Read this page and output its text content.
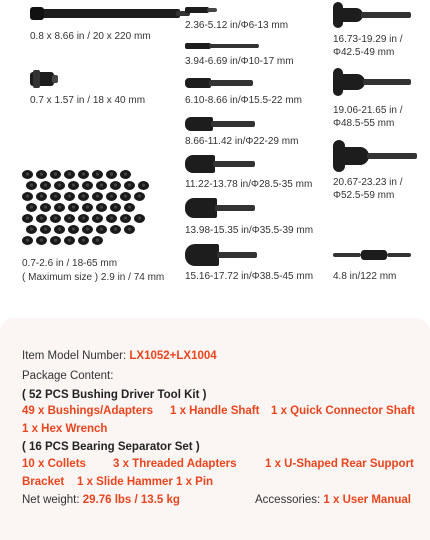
0.8 x 8.66 in / 20 x 220 mm
0.7 x 1.57 in / 18 x 40 mm
0.7-2.6 in / 18-65 mm
( Maximum size ) 2.9 in / 74 mm
2.36-5.12 in/Φ6-13 mm
3.94-6.69 in/Φ10-17 mm
6.10-8.66 in/Φ15.5-22 mm
8.66-11.42 in/Φ22-29 mm
11.22-13.78 in/Φ28.5-35 mm
13.98-15.35 in/Φ35.5-39 mm
15.16-17.72 in/Φ38.5-45 mm
16.73-19.29 in /
Φ42.5-49 mm
19.06-21.65 in /
Φ48.5-55 mm
20.67-23.23 in /
Φ52.5-59 mm
4.8 in/122 mm
Item Model Number: LX1052+LX1004
Package Content:
( 52 PCS Bushing Driver Tool Kit )
49 x Bushings/Adapters 1 x Handle Shaft 1 x Quick Connector Shaft
1 x Hex Wrench
( 16 PCS Bearing Separator Set )
10 x Collets 3 x Threaded Adapters 1 x U-Shaped Rear Support
Bracket 1 x Slide Hammer 1 x Pin
Net weight: 29.76 lbs / 13.5 kg	Accessories: 1 x User Manual
